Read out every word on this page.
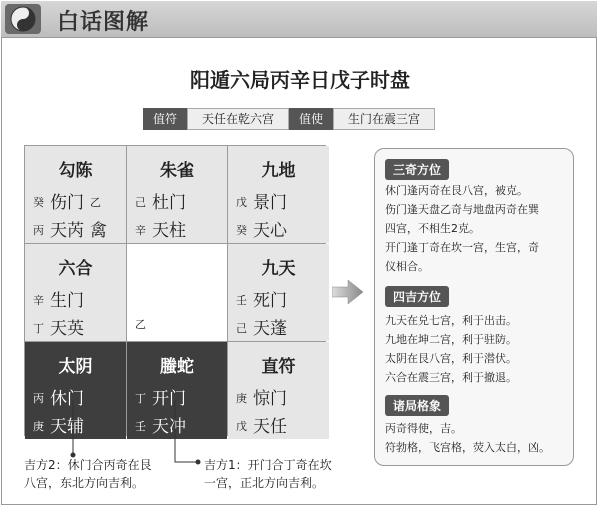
白话图解
阳遁六局丙辛日戊子时盘
值符	天任在乾六宫	值使	生门在震三宫
勾陈
癸 伤门 乙
丙 天芮 禽
朱雀
己 杜门
辛 天柱
九地
戊 景门
癸 天心
六合
辛 生门
丁 天英	乙
九天
壬 死门
己 天蓬
太阴
丙 休门
庚 天辅
螣蛇
丁 开门
壬 天冲
直符
庚 惊门
戊 天任
三奇方位
休门逢丙奇在艮八宫，被克。
伤门逢天盘乙奇与地盘丙奇在巽
四宫，不相生2克。
开门逢丁奇在坎一宫，生宫，奇
仪相合。
四吉方位
九天在兑七宫，利于出击。
九地在坤二宫，利于驻防。
太阴在艮八宫，利于潜伏。
六合在震三宫，利于撤退。
诸局格象
丙奇得使，吉。
符勃格，飞宫格，荧入太白，凶。
吉方2：休门合丙奇在艮
八宫，东北方向吉利。
吉方1：开门合丁奇在坎
一宫，正北方向吉利。
